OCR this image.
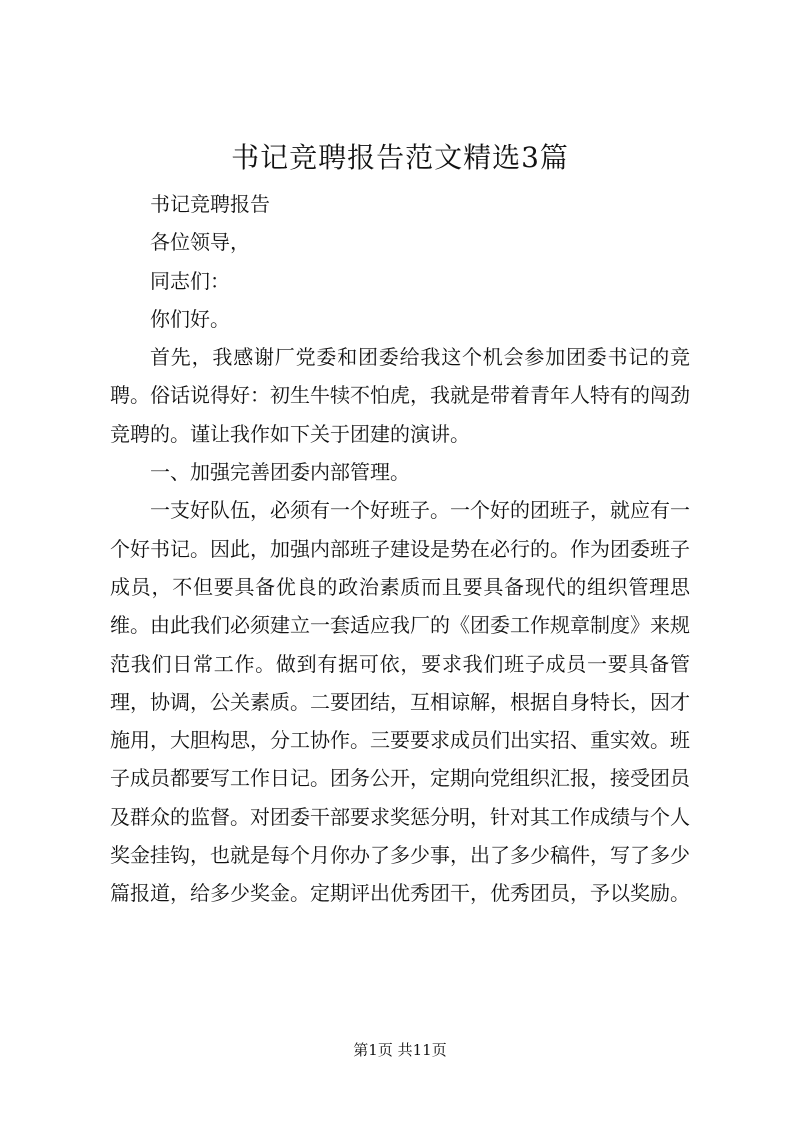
书记竞聘报告范文精选3篇

书记竞聘报告

各位领导，

同志们：

你们好。

首先，我感谢厂党委和团委给我这个机会参加团委书记的竞聘。俗话说得好：初生牛犊不怕虎，我就是带着青年人特有的闯劲竞聘的。谨让我作如下关于团建的演讲。

一、加强完善团委内部管理。

一支好队伍，必须有一个好班子。一个好的团班子，就应有一个好书记。因此，加强内部班子建设是势在必行的。作为团委班子成员，不但要具备优良的政治素质而且要具备现代的组织管理思维。由此我们必须建立一套适应我厂的《团委工作规章制度》来规范我们日常工作。做到有据可依，要求我们班子成员一要具备管理，协调，公关素质。二要团结，互相谅解，根据自身特长，因才施用，大胆构思，分工协作。三要要求成员们出实招、重实效。班子成员都要写工作日记。团务公开，定期向党组织汇报，接受团员及群众的监督。对团委干部要求奖惩分明，针对其工作成绩与个人奖金挂钩，也就是每个月你办了多少事，出了多少稿件，写了多少篇报道，给多少奖金。定期评出优秀团干，优秀团员，予以奖励。

第1页 共11页
